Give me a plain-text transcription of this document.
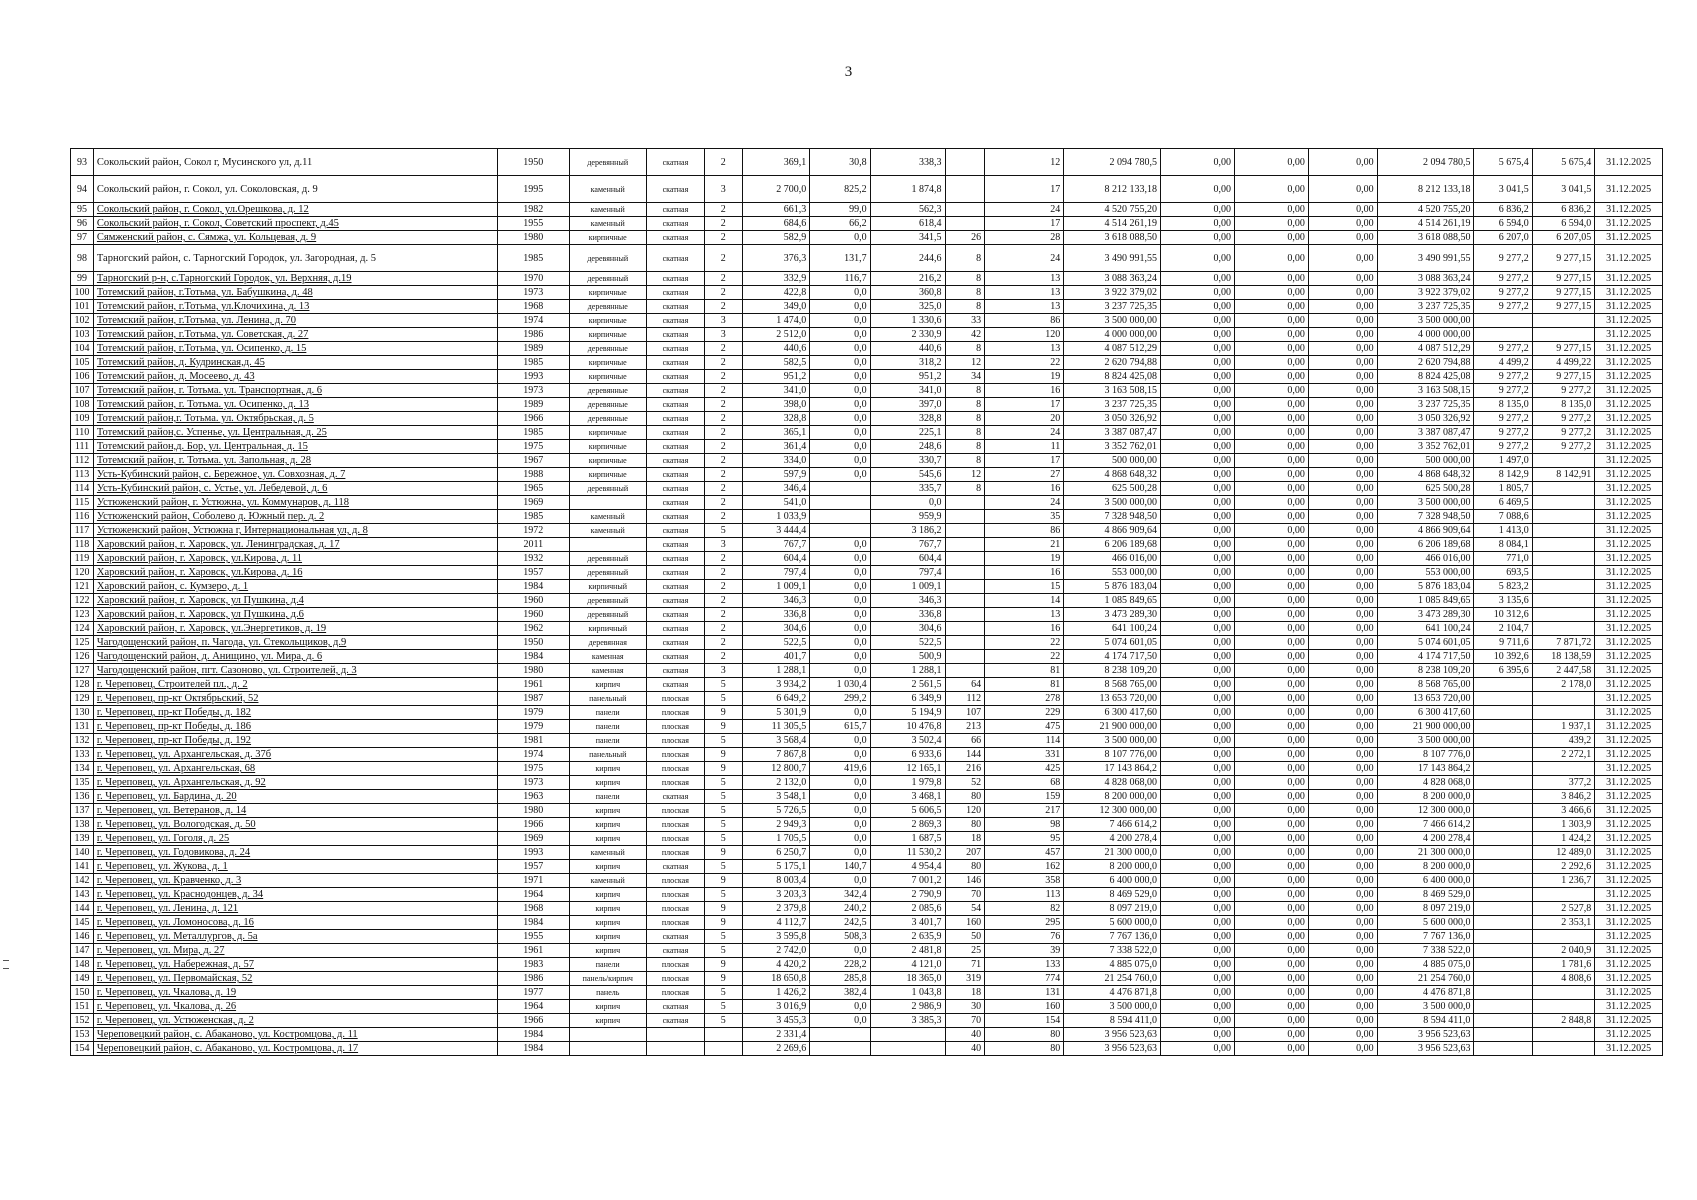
3
93	Сокольский район, Сокол г, Мусинского ул, д.11	1950	деревянный	скатная	2	369,1	30,8	338,3		12	2 094 780,5	0,00	0,00	0,00	2 094 780,5	5 675,4	5 675,4	31.12.2025
94	Сокольский район, г. Сокол, ул. Соколовская, д. 9	1995	каменный	скатная	3	2 700,0	825,2	1 874,8		17	8 212 133,18	0,00	0,00	0,00	8 212 133,18	3 041,5	3 041,5	31.12.2025
95	Сокольский район, г. Сокол, ул.Орешкова, д. 12	1982	каменный	скатная	2	661,3	99,0	562,3		24	4 520 755,20	0,00	0,00	0,00	4 520 755,20	6 836,2	6 836,2	31.12.2025
96	Сокольский район, г. Сокол, Советский проспект, д.45	1955	каменный	скатная	2	684,6	66,2	618,4		17	4 514 261,19	0,00	0,00	0,00	4 514 261,19	6 594,0	6 594,0	31.12.2025
97	Сямженский район, с. Сямжа, ул. Кольцевая, д. 9	1980	кирпичные	скатная	2	582,9	0,0	341,5	26	28	3 618 088,50	0,00	0,00	0,00	3 618 088,50	6 207,0	6 207,05	31.12.2025
98	Тарногский район, с. Тарногский Городок, ул. Загородная, д. 5	1985	деревянный	скатная	2	376,3	131,7	244,6	8	24	3 490 991,55	0,00	0,00	0,00	3 490 991,55	9 277,2	9 277,15	31.12.2025
99	Тарногский р-н, с.Тарногский Городок, ул. Верхняя, д.19	1970	деревянный	скатная	2	332,9	116,7	216,2	8	13	3 088 363,24	0,00	0,00	0,00	3 088 363,24	9 277,2	9 277,15	31.12.2025
100	Тотемский район, г.Тотьма, ул. Бабушкина, д. 48	1973	кирпичные	скатная	2	422,8	0,0	360,8	8	13	3 922 379,02	0,00	0,00	0,00	3 922 379,02	9 277,2	9 277,15	31.12.2025
101	Тотемский район, г.Тотьма, ул.Клочихина, д. 13	1968	деревянные	скатная	2	349,0	0,0	325,0	8	13	3 237 725,35	0,00	0,00	0,00	3 237 725,35	9 277,2	9 277,15	31.12.2025
102	Тотемский район, г.Тотьма, ул. Ленина, д. 70	1974	кирпичные	скатная	3	1 474,0	0,0	1 330,6	33	86	3 500 000,00	0,00	0,00	0,00	3 500 000,00			31.12.2025
103	Тотемский район, г.Тотьма, ул. Советская, д. 27	1986	кирпичные	скатная	3	2 512,0	0,0	2 330,9	42	120	4 000 000,00	0,00	0,00	0,00	4 000 000,00			31.12.2025
104	Тотемский район, г.Тотьма, ул. Осипенко, д. 15	1989	деревянные	скатная	2	440,6	0,0	440,6	8	13	4 087 512,29	0,00	0,00	0,00	4 087 512,29	9 277,2	9 277,15	31.12.2025
105	Тотемский район, д. Кудринская,д. 45	1985	кирпичные	скатная	2	582,5	0,0	318,2	12	22	2 620 794,88	0,00	0,00	0,00	2 620 794,88	4 499,2	4 499,22	31.12.2025
106	Тотемский район, д. Мосеево, д. 43	1993	кирпичные	скатная	2	951,2	0,0	951,2	34	19	8 824 425,08	0,00	0,00	0,00	8 824 425,08	9 277,2	9 277,15	31.12.2025
107	Тотемский район, г. Тотьма. ул. Транспортная, д. 6	1973	деревянные	скатная	2	341,0	0,0	341,0	8	16	3 163 508,15	0,00	0,00	0,00	3 163 508,15	9 277,2	9 277,2	31.12.2025
108	Тотемский район, г. Тотьма. ул. Осипенко, д. 13	1989	деревянные	скатная	2	398,0	0,0	397,0	8	17	3 237 725,35	0,00	0,00	0,00	3 237 725,35	8 135,0	8 135,0	31.12.2025
109	Тотемский район,г. Тотьма. ул. Октябрьская, д. 5	1966	деревянные	скатная	2	328,8	0,0	328,8	8	20	3 050 326,92	0,00	0,00	0,00	3 050 326,92	9 277,2	9 277,2	31.12.2025
110	Тотемский район,с. Успенье, ул. Центральная, д. 25	1985	кирпичные	скатная	2	365,1	0,0	225,1	8	24	3 387 087,47	0,00	0,00	0,00	3 387 087,47	9 277,2	9 277,2	31.12.2025
111	Тотемский район,д. Бор, ул. Центральная, д. 15	1975	кирпичные	скатная	2	361,4	0,0	248,6	8	11	3 352 762,01	0,00	0,00	0,00	3 352 762,01	9 277,2	9 277,2	31.12.2025
112	Тотемский район, г. Тотьма. ул. Запольная, д. 28	1967	кирпичные	скатная	2	334,0	0,0	330,7	8	17	500 000,00	0,00	0,00	0,00	500 000,00	1 497,0		31.12.2025
113	Усть-Кубинский район, с. Бережное, ул. Совхозная, д. 7	1988	кирпичные	скатная	2	597,9	0,0	545,6	12	27	4 868 648,32	0,00	0,00	0,00	4 868 648,32	8 142,9	8 142,91	31.12.2025
114	Усть-Кубинский район, с. Устье, ул. Лебедевой, д. 6	1965	деревянный	скатная	2	346,4		335,7	8	16	625 500,28	0,00	0,00	0,00	625 500,28	1 805,7		31.12.2025
115	Устюженский район, г. Устюжна, ул. Коммунаров, д. 118	1969		скатная	2	541,0		0,0		24	3 500 000,00	0,00	0,00	0,00	3 500 000,00	6 469,5		31.12.2025
116	Устюженский район, Соболево д. Южный пер. д. 2	1985	каменный	скатная	2	1 033,9		959,9		35	7 328 948,50	0,00	0,00	0,00	7 328 948,50	7 088,6		31.12.2025
117	Устюженский район, Устюжна г, Интернациональная ул, д. 8	1972	каменный	скатная	5	3 444,4		3 186,2		86	4 866 909,64	0,00	0,00	0,00	4 866 909,64	1 413,0		31.12.2025
118	Харовский район, г. Харовск, ул. Ленинградская, д. 17	2011		скатная	3	767,7	0,0	767,7		21	6 206 189,68	0,00	0,00	0,00	6 206 189,68	8 084,1		31.12.2025
119	Харовский район, г. Харовск, ул.Кирова, д. 11	1932	деревянный	скатная	2	604,4	0,0	604,4		19	466 016,00	0,00	0,00	0,00	466 016,00	771,0		31.12.2025
120	Харовский район, г. Харовск, ул.Кирова, д. 16	1957	деревянный	скатная	2	797,4	0,0	797,4		16	553 000,00	0,00	0,00	0,00	553 000,00	693,5		31.12.2025
121	Харовский район, с. Кумзеро, д. 1	1984	кирпичный	скатная	2	1 009,1	0,0	1 009,1		15	5 876 183,04	0,00	0,00	0,00	5 876 183,04	5 823,2		31.12.2025
122	Харовский район, г. Харовск, ул Пушкина, д.4	1960	деревянный	скатная	2	346,3	0,0	346,3		14	1 085 849,65	0,00	0,00	0,00	1 085 849,65	3 135,6		31.12.2025
123	Харовский район, г. Харовск, ул Пушкина, д.6	1960	деревянный	скатная	2	336,8	0,0	336,8		13	3 473 289,30	0,00	0,00	0,00	3 473 289,30	10 312,6		31.12.2025
124	Харовский район, г. Харовск, ул.Энергетиков, д. 19	1962	кирпичный	скатная	2	304,6	0,0	304,6		16	641 100,24	0,00	0,00	0,00	641 100,24	2 104,7		31.12.2025
125	Чагодощенский район, п. Чагода, ул. Стекольщиков, д.9	1950	деревянная	скатная	2	522,5	0,0	522,5		22	5 074 601,05	0,00	0,00	0,00	5 074 601,05	9 711,6	7 871,72	31.12.2025
126	Чагодощенский район, д. Анищино, ул. Мира, д. 6	1984	каменная	скатная	2	401,7	0,0	500,9		22	4 174 717,50	0,00	0,00	0,00	4 174 717,50	10 392,6	18 138,59	31.12.2025
127	Чагодощенский район, пгт. Сазоново, ул. Строителей, д. 3	1980	каменная	скатная	3	1 288,1	0,0	1 288,1		81	8 238 109,20	0,00	0,00	0,00	8 238 109,20	6 395,6	2 447,58	31.12.2025
128	г. Череповец, Строителей пл., д. 2	1961	кирпич	скатная	5	3 934,2	1 030,4	2 561,5	64	81	8 568 765,00	0,00	0,00	0,00	8 568 765,00		2 178,0	31.12.2025
129	г. Череповец, пр-кт Октябрьский, 52	1987	панельный	плоская	5	6 649,2	299,2	6 349,9	112	278	13 653 720,00	0,00	0,00	0,00	13 653 720,00			31.12.2025
130	г. Череповец, пр-кт Победы, д. 182	1979	панели	плоская	9	5 301,9	0,0	5 194,9	107	229	6 300 417,60	0,00	0,00	0,00	6 300 417,60			31.12.2025
131	г. Череповец, пр-кт Победы, д. 186	1979	панели	плоская	9	11 305,5	615,7	10 476,8	213	475	21 900 000,00	0,00	0,00	0,00	21 900 000,00		1 937,1	31.12.2025
132	г. Череповец, пр-кт Победы, д. 192	1981	панели	плоская	5	3 568,4	0,0	3 502,4	66	114	3 500 000,00	0,00	0,00	0,00	3 500 000,00		439,2	31.12.2025
133	г. Череповец, ул. Архангельская, д. 37б	1974	панельный	плоская	9	7 867,8	0,0	6 933,6	144	331	8 107 776,00	0,00	0,00	0,00	8 107 776,0		2 272,1	31.12.2025
134	г. Череповец, ул. Архангельская, 68	1975	кирпич	плоская	9	12 800,7	419,6	12 165,1	216	425	17 143 864,2	0,00	0,00	0,00	17 143 864,2			31.12.2025
135	г. Череповец, ул. Архангельская, д. 92	1973	кирпич	плоская	5	2 132,0	0,0	1 979,8	52	68	4 828 068,00	0,00	0,00	0,00	4 828 068,0		377,2	31.12.2025
136	г. Череповец, ул. Бардина, д. 20	1963	панели	скатная	5	3 548,1	0,0	3 468,1	80	159	8 200 000,00	0,00	0,00	0,00	8 200 000,0		3 846,2	31.12.2025
137	г. Череповец, ул. Ветеранов, д. 14	1980	кирпич	плоская	5	5 726,5	0,0	5 606,5	120	217	12 300 000,00	0,00	0,00	0,00	12 300 000,0		3 466,6	31.12.2025
138	г. Череповец, ул. Вологодская, д. 50	1966	кирпич	плоская	5	2 949,3	0,0	2 869,3	80	98	7 466 614,2	0,00	0,00	0,00	7 466 614,2		1 303,9	31.12.2025
139	г. Череповец, ул. Гоголя, д. 25	1969	кирпич	плоская	5	1 705,5	0,0	1 687,5	18	95	4 200 278,4	0,00	0,00	0,00	4 200 278,4		1 424,2	31.12.2025
140	г. Череповец, ул. Годовикова, д. 24	1993	каменный	плоская	9	6 250,7	0,0	11 530,2	207	457	21 300 000,0	0,00	0,00	0,00	21 300 000,0		12 489,0	31.12.2025
141	г. Череповец, ул. Жукова, д. 1	1957	кирпич	скатная	5	5 175,1	140,7	4 954,4	80	162	8 200 000,0	0,00	0,00	0,00	8 200 000,0		2 292,6	31.12.2025
142	г. Череповец, ул. Кравченко, д. 3	1971	каменный	плоская	9	8 003,4	0,0	7 001,2	146	358	6 400 000,0	0,00	0,00	0,00	6 400 000,0		1 236,7	31.12.2025
143	г. Череповец, ул. Краснодонцев, д. 34	1964	кирпич	плоская	5	3 203,3	342,4	2 790,9	70	113	8 469 529,0	0,00	0,00	0,00	8 469 529,0			31.12.2025
144	г. Череповец, ул. Ленина, д. 121	1968	кирпич	плоская	9	2 379,8	240,2	2 085,6	54	82	8 097 219,0	0,00	0,00	0,00	8 097 219,0		2 527,8	31.12.2025
145	г. Череповец, ул. Ломоносова, д. 16	1984	кирпич	плоская	9	4 112,7	242,5	3 401,7	160	295	5 600 000,0	0,00	0,00	0,00	5 600 000,0		2 353,1	31.12.2025
146	г. Череповец, ул. Металлургов, д. 5а	1955	кирпич	скатная	5	3 595,8	508,3	2 635,9	50	76	7 767 136,0	0,00	0,00	0,00	7 767 136,0			31.12.2025
147	г. Череповец, ул. Мира, д. 27	1961	кирпич	скатная	5	2 742,0	0,0	2 481,8	25	39	7 338 522,0	0,00	0,00	0,00	7 338 522,0		2 040,9	31.12.2025
148	г. Череповец, ул. Набережная, д. 57	1983	панели	плоская	9	4 420,2	228,2	4 121,0	71	133	4 885 075,0	0,00	0,00	0,00	4 885 075,0		1 781,6	31.12.2025
149	г. Череповец, ул. Первомайская, 52	1986	панель/кирпич	плоская	9	18 650,8	285,8	18 365,0	319	774	21 254 760,0	0,00	0,00	0,00	21 254 760,0		4 808,6	31.12.2025
150	г. Череповец, ул. Чкалова, д. 19	1977	панель	плоская	5	1 426,2	382,4	1 043,8	18	131	4 476 871,8	0,00	0,00	0,00	4 476 871,8			31.12.2025
151	г. Череповец, ул. Чкалова, д. 26	1964	кирпич	скатная	5	3 016,9	0,0	2 986,9	30	160	3 500 000,0	0,00	0,00	0,00	3 500 000,0			31.12.2025
152	г. Череповец, ул. Устюженская, д. 2	1966	кирпич	скатная	5	3 455,3	0,0	3 385,3	70	154	8 594 411,0	0,00	0,00	0,00	8 594 411,0		2 848,8	31.12.2025
153	Череповецкий район, с. Абаканово, ул. Костромцова, д. 11	1984				2 331,4			40	80	3 956 523,63	0,00	0,00	0,00	3 956 523,63			31.12.2025
154	Череповецкий район, с. Абаканово, ул. Костромцова, д. 17	1984				2 269,6			40	80	3 956 523,63	0,00	0,00	0,00	3 956 523,63			31.12.2025
